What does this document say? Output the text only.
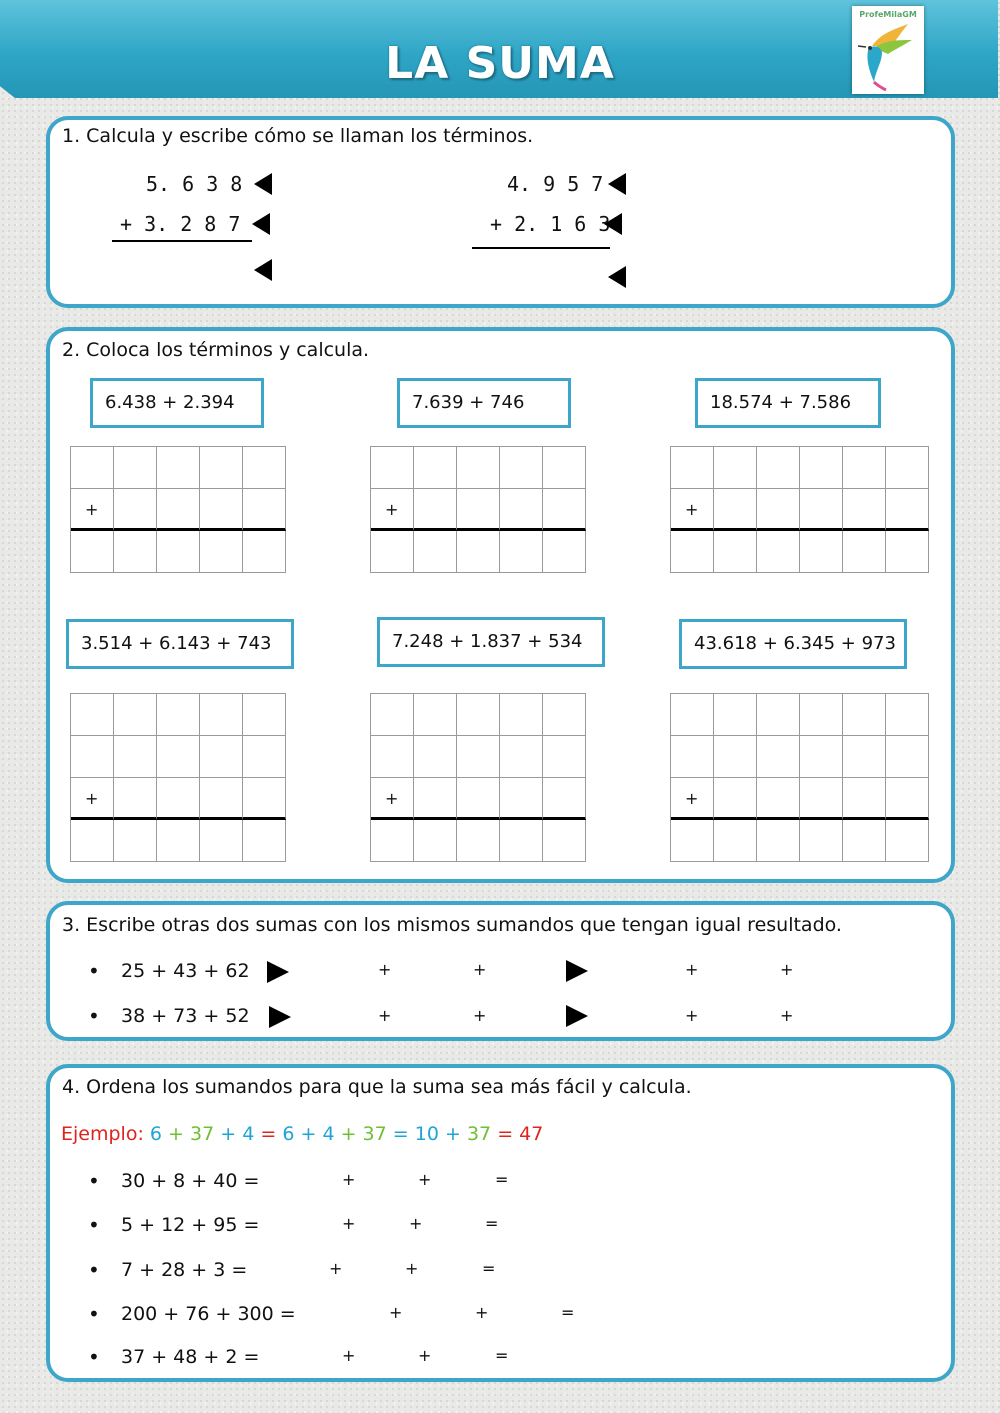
LA SUMA
ProfeMilaGM
1. Calcula y escribe cómo se llaman los términos.
5. 6 3 8
+ 3. 2 8 7
4. 9 5 7
+ 2. 1 6 3
2. Coloca los términos y calcula.
6.438 + 2.394	7.639 + 746	18.574 + 7.586
3.514 + 6.143 + 743	7.248 + 1.837 + 534	43.618 + 6.345 + 973
+	+	+
+	+	+
3. Escribe otras dos sumas con los mismos sumandos que tengan igual resultado.
• 25 + 43 + 62	+	+	+	+
• 38 + 73 + 52	+	+	+	+
4. Ordena los sumandos para que la suma sea más fácil y calcula.
Ejemplo: 6 + 37 + 4 = 6 + 4 + 37 = 10 + 37 = 47
• 30 + 8 + 40 =	+	+	=
• 5 + 12 + 95 =	+	+	=
• 7 + 28 + 3 =	+	+	=
• 200 + 76 + 300 =	+	+	=
• 37 + 48 + 2 =	+	+	=
